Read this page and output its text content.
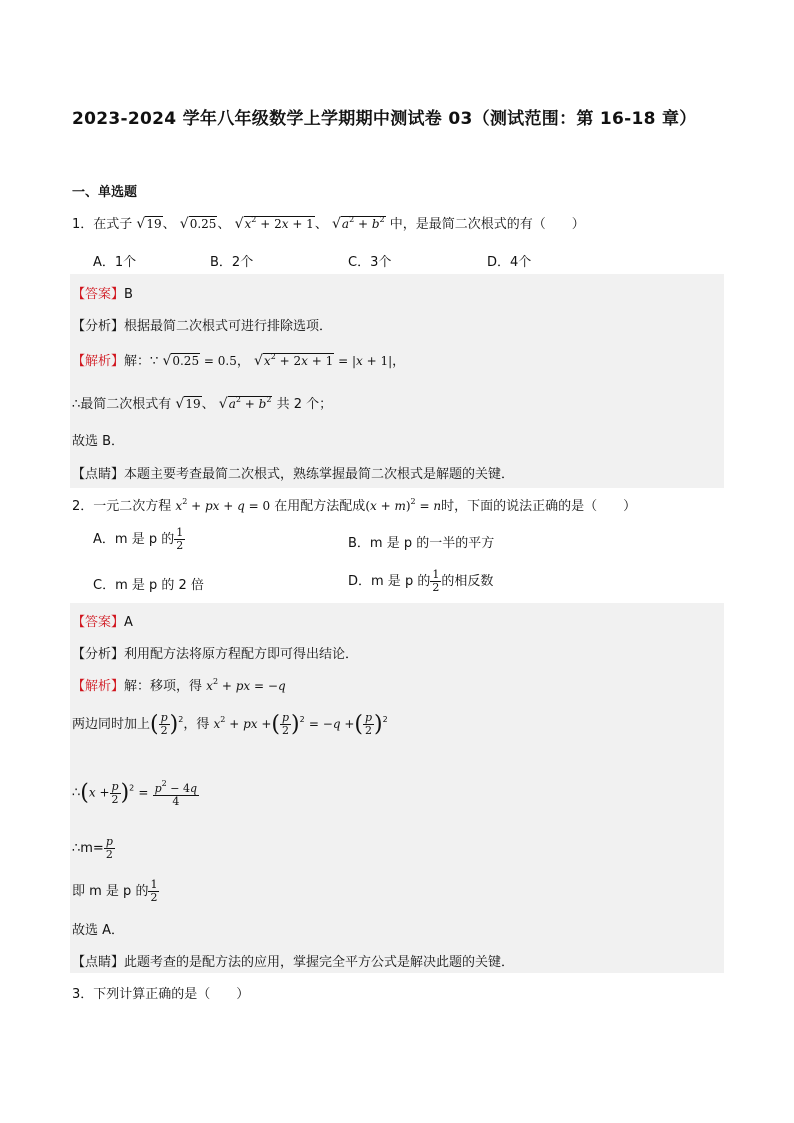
2023-2024 学年八年级数学上学期期中测试卷 03（测试范围：第 16-18 章）
一、单选题
1．在式子 √19、 √0.25、 $√x^2 + 2x + 1$、 $√a^2 + b^2$ 中，是最简二次根式的有（　　）
A．1个	B．2个	C．3个	D．4个
【答案】B
【分析】根据最简二次根式可进行排除选项．
【解析】解：∵ √0.25 = 0.5， $√x^2 + 2x + 1 = |x + 1|$，
∴最简二次根式有 √19、 $√a^2 + b^2$ 共 2 个；
故选 B．
【点睛】本题主要考查最简二次根式，熟练掌握最简二次根式是解题的关键．
2．一元二次方程 $x^2$ + px + q = 0 在用配方法配成$(x + m)^2 = n$时，下面的说法正确的是（　　）
A．m 是 p 的 $\frac{1}{2}$	B．m 是 p 的一半的平方
C．m 是 p 的 2 倍	D．m 是 p 的 $\frac{1}{2}$ 的相反数
【答案】A
【分析】利用配方法将原方程配方即可得出结论．
【解析】解：移项，得 $x^2$ + px = −q
两边同时加上( $\frac{p}{2} )^2$，得 $x^2$ + px +( $\frac{p}{2} )^2 = -q$ +( $\frac{p}{2} )^2$
∴(x + $\frac{p}{2} )^2 = \frac{p^2 - 4q}{4}$
∴m= $\frac{p}{2}$
即 m 是 p 的 $\frac{1}{2}$
故选 A．
【点睛】此题考查的是配方法的应用，掌握完全平方公式是解决此题的关键．
3．下列计算正确的是（　　）
